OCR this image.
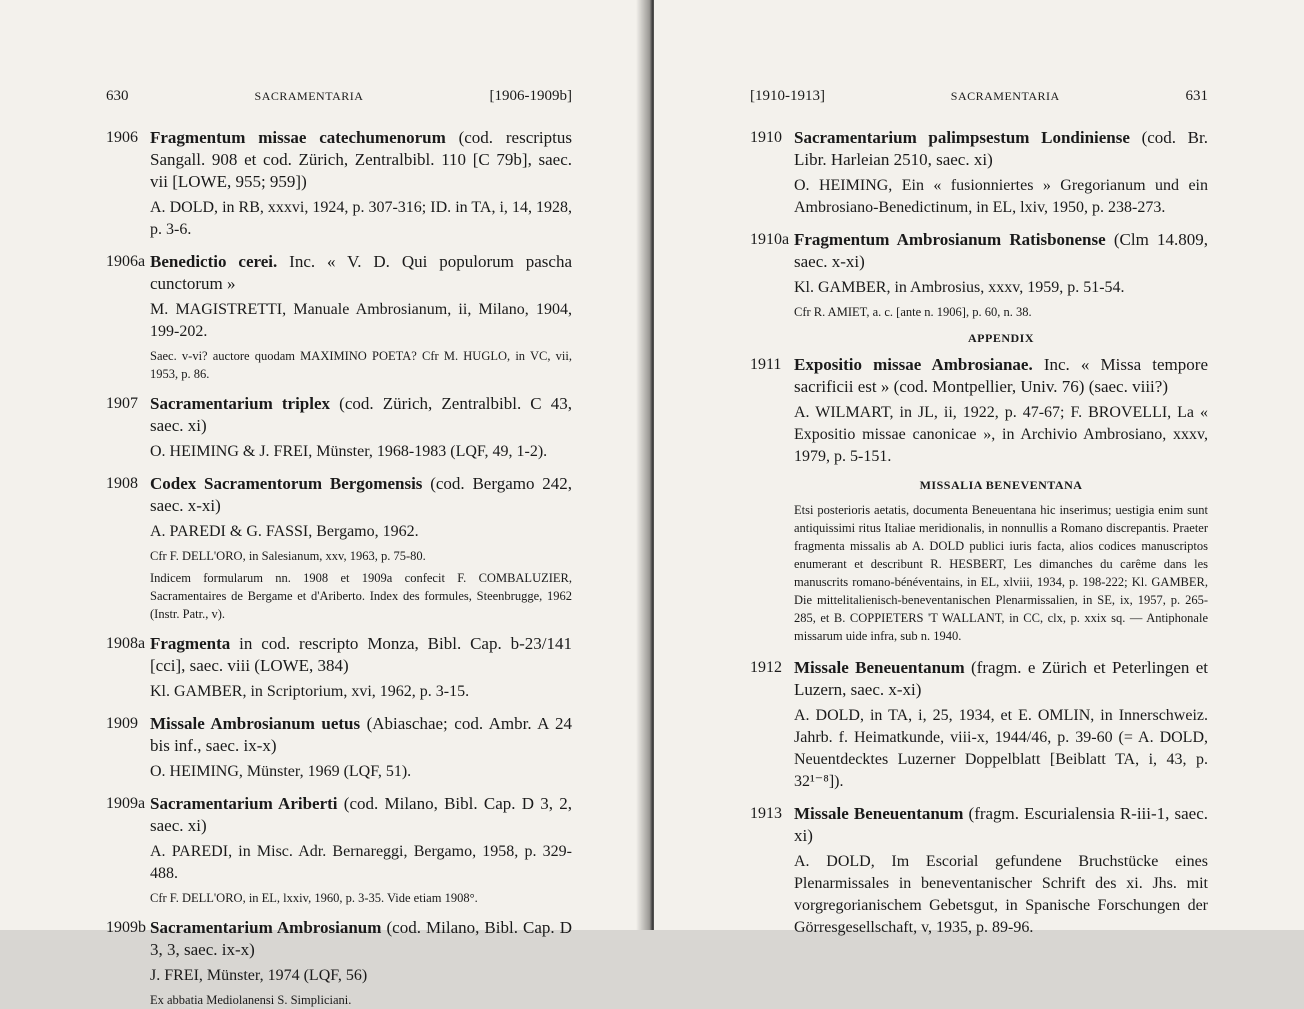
630	SACRAMENTARIA	[1906-1909b]
1906 Fragmentum missae catechumenorum (cod. rescriptus Sangall. 908 et cod. Zürich, Zentralbibl. 110 [C 79b], saec. vii [LOWE, 955; 959])

A. DOLD, in RB, xxxvi, 1924, p. 307-316; ID. in TA, i, 14, 1928, p. 3-6.

1906a Benedictio cerei. Inc. « V. D. Qui populorum pascha cunctorum »

M. MAGISTRETTI, Manuale Ambrosianum, ii, Milano, 1904, 199-202.

Saec. v-vi? auctore quodam MAXIMINO POETA? Cfr M. HUGLO, in VC, vii, 1953, p. 86.

1907 Sacramentarium triplex (cod. Zürich, Zentralbibl. C 43, saec. xi)

O. HEIMING & J. FREI, Münster, 1968-1983 (LQF, 49, 1-2).

1908 Codex Sacramentorum Bergomensis (cod. Bergamo 242, saec. x-xi)

A. PAREDI & G. FASSI, Bergamo, 1962.

Cfr F. DELL'ORO, in Salesianum, xxv, 1963, p. 75-80.

Indicem formularum nn. 1908 et 1909a confecit F. COMBALUZIER, Sacramentaires de Bergame et d'Ariberto. Index des formules, Steenbrugge, 1962 (Instr. Patr., v).

1908a Fragmenta in cod. rescripto Monza, Bibl. Cap. b-23/141 [cci], saec. viii (LOWE, 384)

Kl. GAMBER, in Scriptorium, xvi, 1962, p. 3-15.

1909 Missale Ambrosianum uetus (Abiaschae; cod. Ambr. A 24 bis inf., saec. ix-x)

O. HEIMING, Münster, 1969 (LQF, 51).

1909a Sacramentarium Ariberti (cod. Milano, Bibl. Cap. D 3, 2, saec. xi)

A. PAREDI, in Misc. Adr. Bernareggi, Bergamo, 1958, p. 329-488.

Cfr F. DELL'ORO, in EL, lxxiv, 1960, p. 3-35. Vide etiam 1908°.

1909b Sacramentarium Ambrosianum (cod. Milano, Bibl. Cap. D 3, 3, saec. ix-x)

J. FREI, Münster, 1974 (LQF, 56)

Ex abbatia Mediolanensi S. Simpliciani.

[1910-1913]	SACRAMENTARIA	631
1910 Sacramentarium palimpsestum Londiniense (cod. Br. Libr. Harleian 2510, saec. xi)

O. HEIMING, Ein « fusionniertes » Gregorianum und ein Ambrosiano-Benedictinum, in EL, lxiv, 1950, p. 238-273.

1910a Fragmentum Ambrosianum Ratisbonense (Clm 14.809, saec. x-xi)

Kl. GAMBER, in Ambrosius, xxxv, 1959, p. 51-54.

Cfr R. AMIET, a. c. [ante n. 1906], p. 60, n. 38.

APPENDIX
1911 Expositio missae Ambrosianae. Inc. « Missa tempore sacrificii est » (cod. Montpellier, Univ. 76) (saec. viii?)

A. WILMART, in JL, ii, 1922, p. 47-67; F. BROVELLI, La « Expositio missae canonicae », in Archivio Ambrosiano, xxxv, 1979, p. 5-151.

MISSALIA BENEVENTANA

Etsi posterioris aetatis, documenta Beneuentana hic inserimus; uestigia enim sunt antiquissimi ritus Italiae meridionalis, in nonnullis a Romano discrepantis. Praeter fragmenta missalis ab A. DOLD publici iuris facta, alios codices manuscriptos enumerant et describunt R. HESBERT, Les dimanches du carême dans les manuscrits romano-bénéventains, in EL, xlviii, 1934, p. 198-222; Kl. GAMBER, Die mittelitalienisch-beneventanischen Plenarmissalien, in SE, ix, 1957, p. 265-285, et B. COPPIETERS 'T WALLANT, in CC, clx, p. xxix sq. — Antiphonale missarum uide infra, sub n. 1940.

1912 Missale Beneuentanum (fragm. e Zürich et Peterlingen et Luzern, saec. x-xi)

A. DOLD, in TA, i, 25, 1934, et E. OMLIN, in Innerschweiz. Jahrb. f. Heimatkunde, viii-x, 1944/46, p. 39-60 (= A. DOLD, Neuentdecktes Luzerner Doppelblatt [Beiblatt TA, i, 43, p. 32¹⁻⁸]).

1913 Missale Beneuentanum (fragm. Escurialensia R-iii-1, saec. xi)

A. DOLD, Im Escorial gefundene Bruchstücke eines Plenarmissales in beneventanischer Schrift des xi. Jhs. mit vorgregorianischem Gebetsgut, in Spanische Forschungen der Görresgesellschaft, v, 1935, p. 89-96.
